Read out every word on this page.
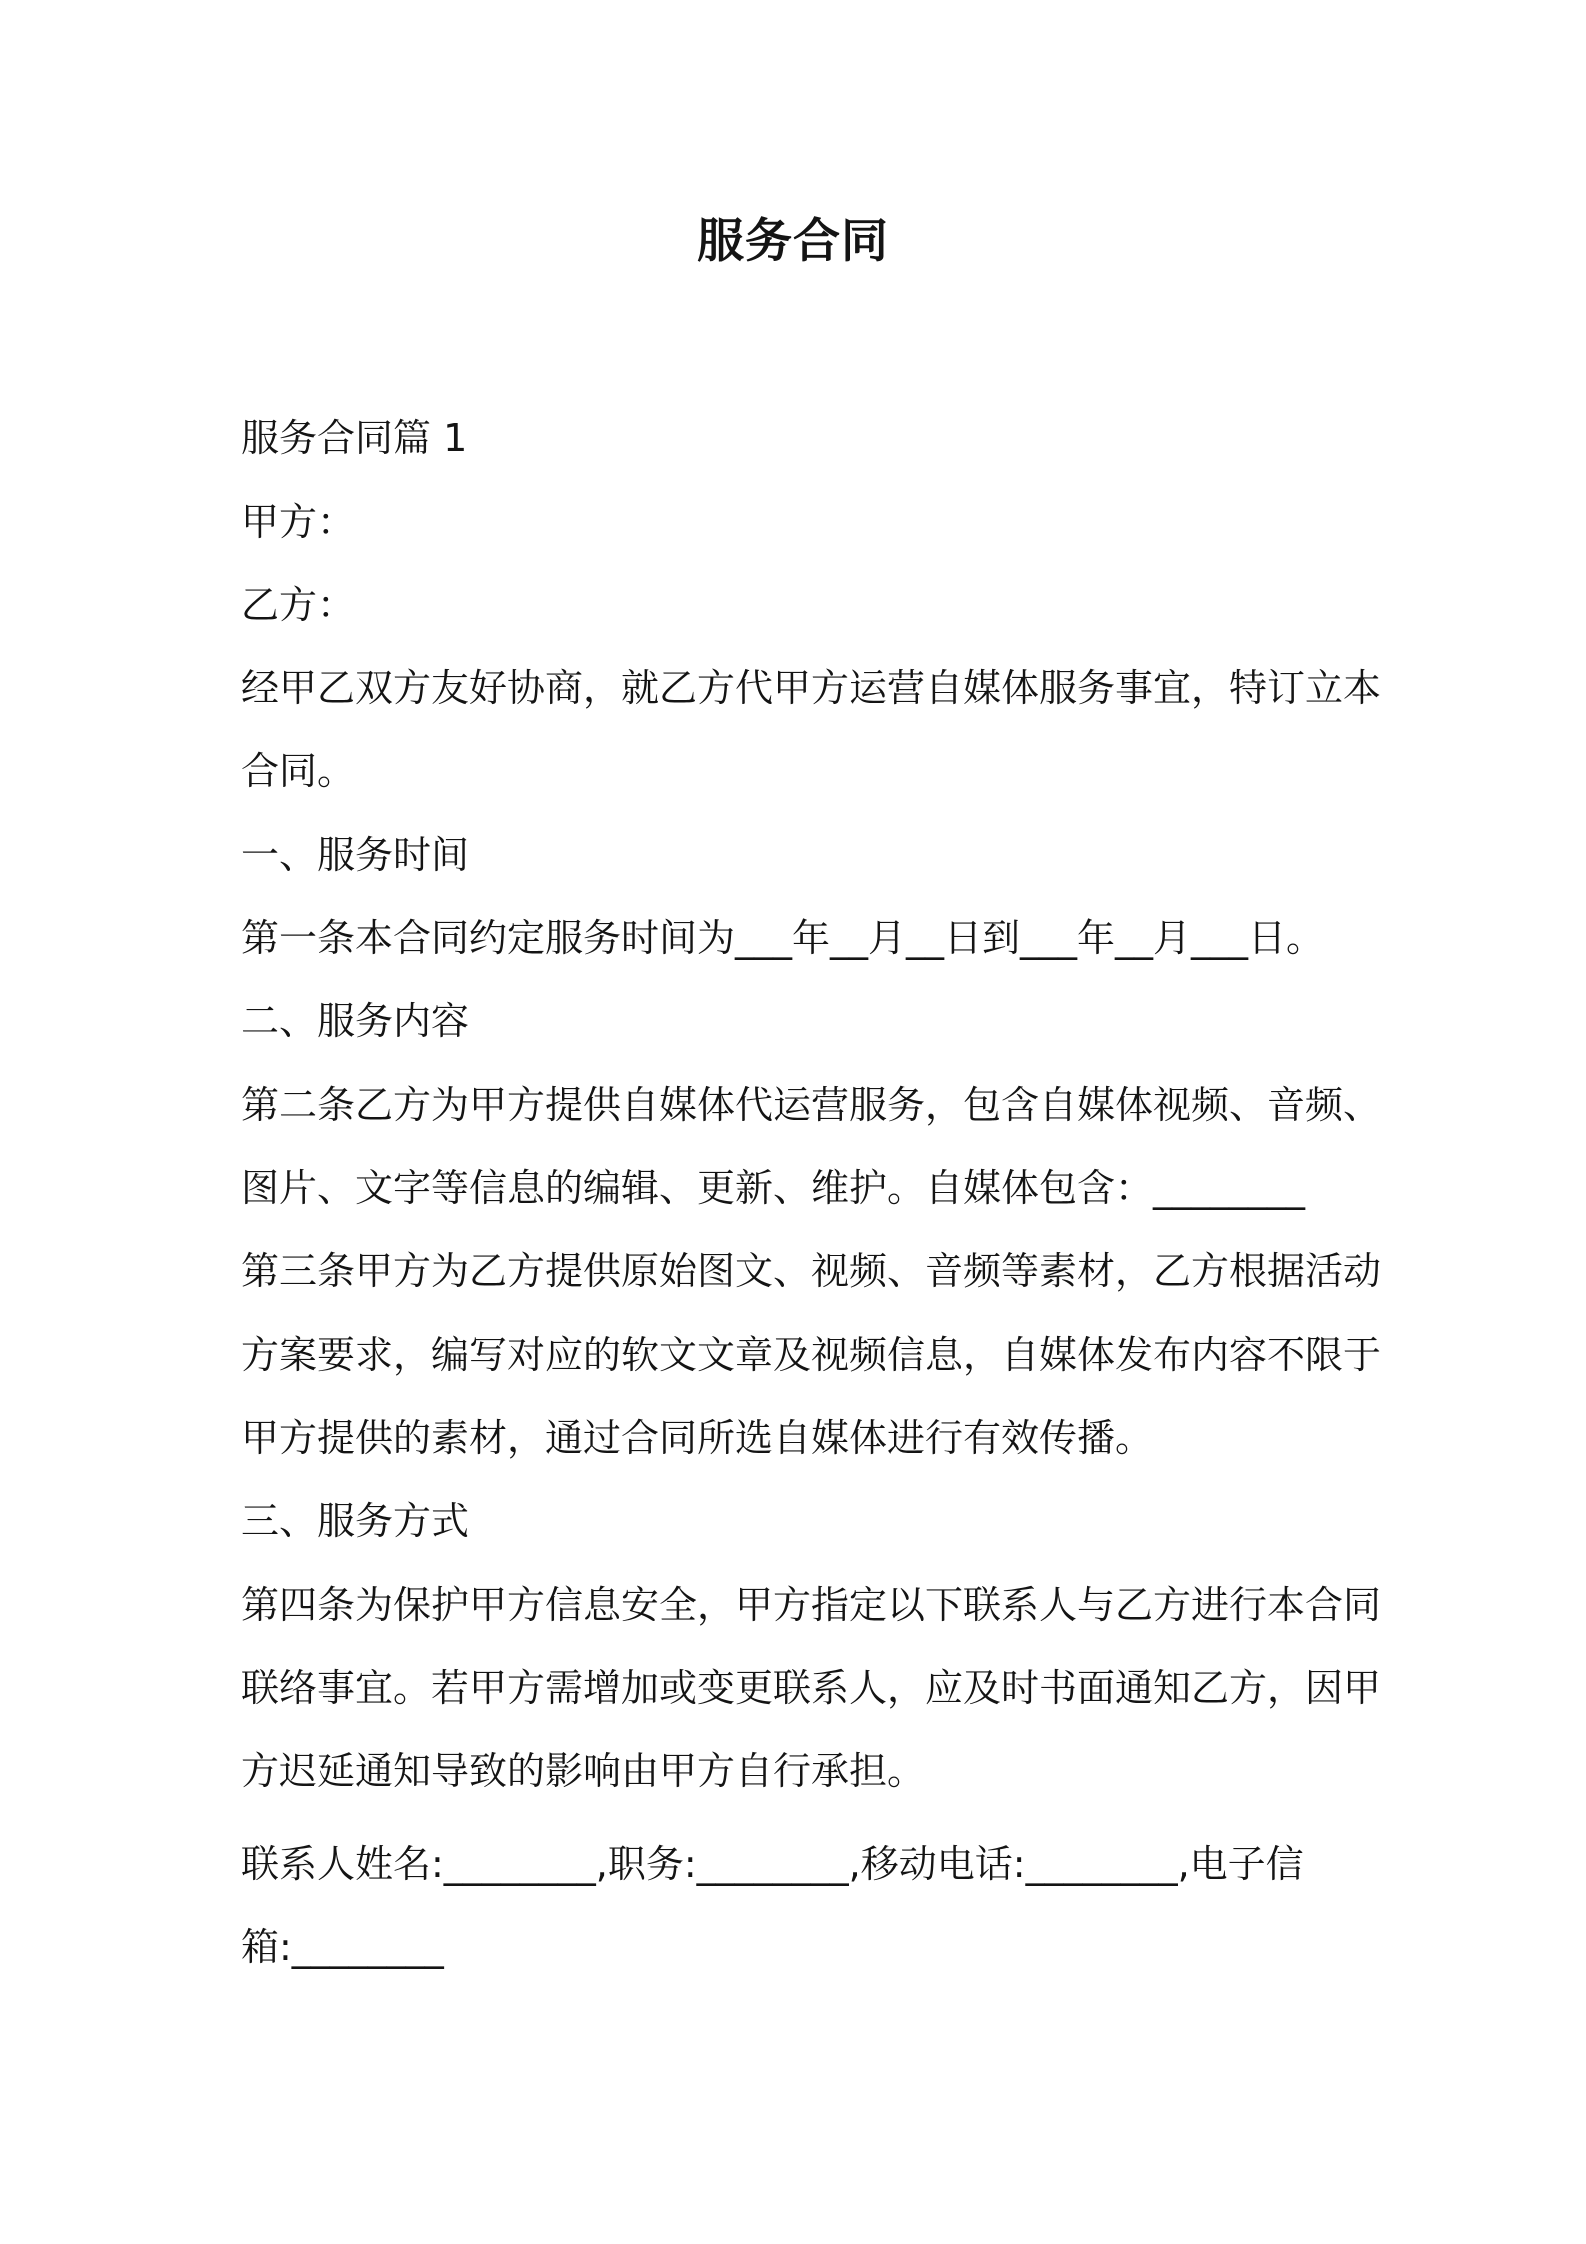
服务合同
服务合同篇 1
甲方：
乙方：
经甲乙双方友好协商，就乙方代甲方运营自媒体服务事宜，特订立本
合同。
一、服务时间
第一条本合同约定服务时间为___年__月__日到___年__月___日。
二、服务内容
第二条乙方为甲方提供自媒体代运营服务，包含自媒体视频、音频、
图片、文字等信息的编辑、更新、维护。自媒体包含：________
第三条甲方为乙方提供原始图文、视频、音频等素材，乙方根据活动
方案要求，编写对应的软文文章及视频信息，自媒体发布内容不限于
甲方提供的素材，通过合同所选自媒体进行有效传播。
三、服务方式
第四条为保护甲方信息安全，甲方指定以下联系人与乙方进行本合同
联络事宜。若甲方需增加或变更联系人，应及时书面通知乙方，因甲
方迟延通知导致的影响由甲方自行承担。
联系人姓名:________,职务:________,移动电话:________,电子信
箱:________
